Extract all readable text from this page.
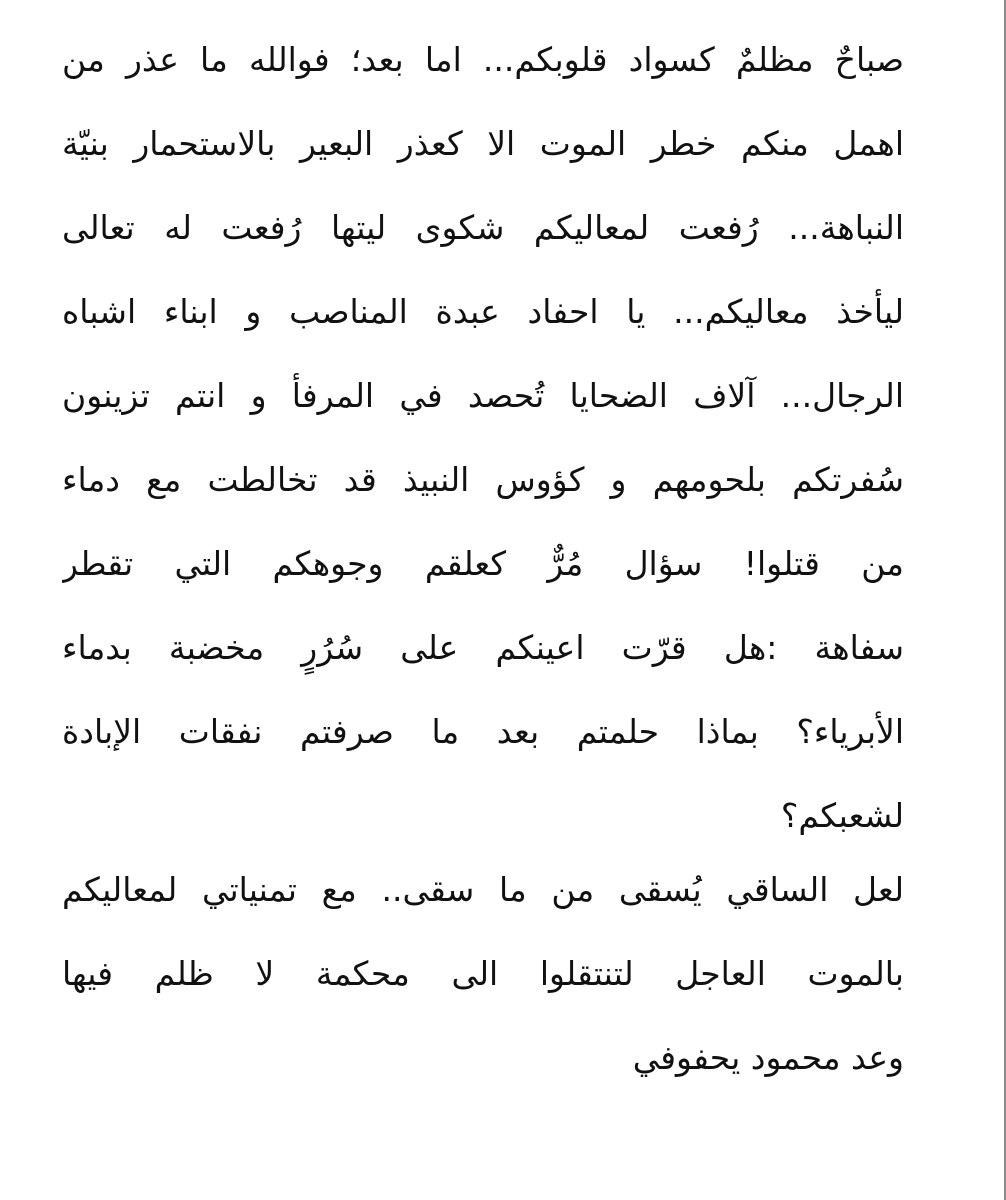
صباحٌ مظلمٌ كسواد قلوبكم... اما بعد؛ فوالله ما عذر من
اهمل منكم خطر الموت الا كعذر البعير بالاستحمار بنيّة
النباهة... رُفعت لمعاليكم شكوى ليتها رُفعت له تعالى
ليأخذ معاليكم... يا احفاد عبدة المناصب و ابناء اشباه
الرجال... آلاف الضحايا تُحصد في المرفأ و انتم تزينون
سُفرتكم بلحومهم و كؤوس النبيذ قد تخالطت مع دماء
من قتلوا! سؤال مُرٌّ كعلقم وجوهكم التي تقطر
سفاهة :هل قرّت اعينكم على سُرُرٍ مخضبة بدماء
الأبرياء؟ بماذا حلمتم بعد ما صرفتم نفقات الإبادة
لشعبكم؟
لعل الساقي يُسقى من ما سقى.. مع تمنياتي لمعاليكم
بالموت العاجل لتنتقلوا الى محكمة لا ظلم فيها
وعد محمود يحفوفي
